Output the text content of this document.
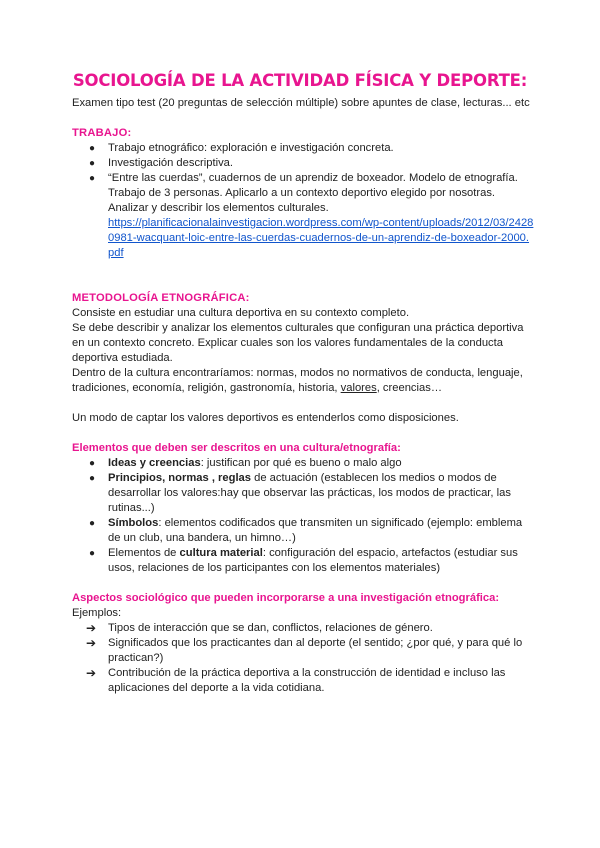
SOCIOLOGÍA DE LA ACTIVIDAD FÍSICA Y DEPORTE:

Examen tipo test (20 preguntas de selección múltiple) sobre apuntes de clase, lecturas... etc

TRABAJO:

● Trabajo etnográfico: exploración e investigación concreta.
● Investigación descriptiva.
● “Entre las cuerdas”, cuadernos de un aprendiz de boxeador. Modelo de etnografía. Trabajo de 3 personas. Aplicarlo a un contexto deportivo elegido por nosotras. Analizar y describir los elementos culturales.
https://planificacionalainvestigacion.wordpress.com/wp-content/uploads/2012/03/24280981-wacquant-loic-entre-las-cuerdas-cuadernos-de-un-aprendiz-de-boxeador-2000.pdf

METODOLOGÍA ETNOGRÁFICA:

Consiste en estudiar una cultura deportiva en su contexto completo.

Se debe describir y analizar los elementos culturales que configuran una práctica deportiva en un contexto concreto. Explicar cuales son los valores fundamentales de la conducta deportiva estudiada.

Dentro de la cultura encontraríamos: normas, modos no normativos de conducta, lenguaje, tradiciones, economía, religión, gastronomía, historia, valores, creencias…

Un modo de captar los valores deportivos es entenderlos como disposiciones.

Elementos que deben ser descritos en una cultura/etnografía:

● Ideas y creencias: justifican por qué es bueno o malo algo
● Principios, normas , reglas de actuación (establecen los medios o modos de desarrollar los valores:hay que observar las prácticas, los modos de practicar, las rutinas...)
● Símbolos: elementos codificados que transmiten un significado (ejemplo: emblema de un club, una bandera, un himno…)
● Elementos de cultura material: configuración del espacio, artefactos (estudiar sus usos, relaciones de los participantes con los elementos materiales)

Aspectos sociológico que pueden incorporarse a una investigación etnográfica:

Ejemplos:

➔ Tipos de interacción que se dan, conflictos, relaciones de género.
➔ Significados que los practicantes dan al deporte (el sentido; ¿por qué, y para qué lo practican?)
➔ Contribución de la práctica deportiva a la construcción de identidad e incluso las aplicaciones del deporte a la vida cotidiana.
